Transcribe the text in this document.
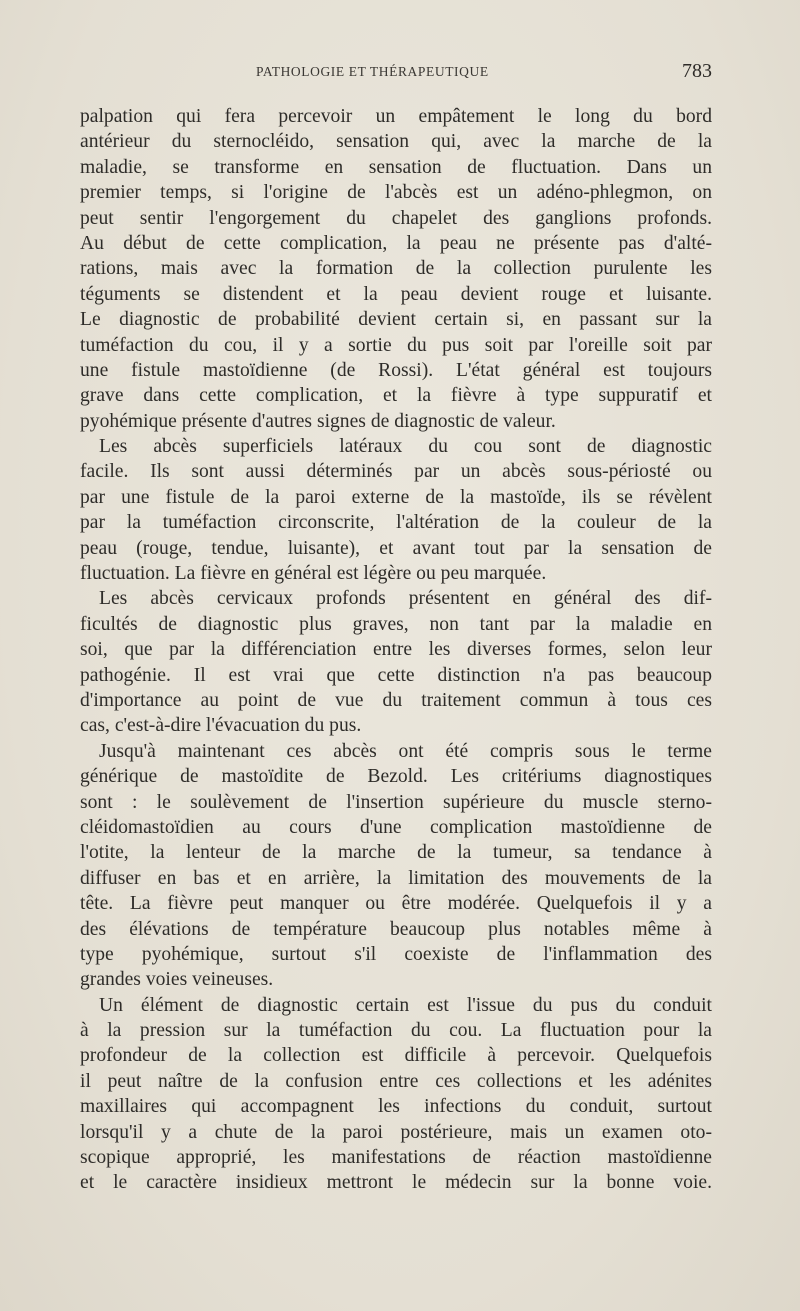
PATHOLOGIE ET THÉRAPEUTIQUE	783
palpation qui fera percevoir un empâtement le long du bord
antérieur du sternocléido, sensation qui, avec la marche de la
maladie, se transforme en sensation de fluctuation. Dans un
premier temps, si l'origine de l'abcès est un adéno-phlegmon, on
peut sentir l'engorgement du chapelet des ganglions profonds.
Au début de cette complication, la peau ne présente pas d'alté-
rations, mais avec la formation de la collection purulente les
téguments se distendent et la peau devient rouge et luisante.
Le diagnostic de probabilité devient certain si, en passant sur la
tuméfaction du cou, il y a sortie du pus soit par l'oreille soit par
une fistule mastoïdienne (de Rossi). L'état général est toujours
grave dans cette complication, et la fièvre à type suppuratif et
pyohémique présente d'autres signes de diagnostic de valeur.
Les abcès superficiels latéraux du cou sont de diagnostic
facile. Ils sont aussi déterminés par un abcès sous-périosté ou
par une fistule de la paroi externe de la mastoïde, ils se révèlent
par la tuméfaction circonscrite, l'altération de la couleur de la
peau (rouge, tendue, luisante), et avant tout par la sensation de
fluctuation. La fièvre en général est légère ou peu marquée.
Les abcès cervicaux profonds présentent en général des dif-
ficultés de diagnostic plus graves, non tant par la maladie en
soi, que par la différenciation entre les diverses formes, selon leur
pathogénie. Il est vrai que cette distinction n'a pas beaucoup
d'importance au point de vue du traitement commun à tous ces
cas, c'est-à-dire l'évacuation du pus.
Jusqu'à maintenant ces abcès ont été compris sous le terme
générique de mastoïdite de Bezold. Les critériums diagnostiques
sont : le soulèvement de l'insertion supérieure du muscle sterno-
cléidomastoïdien au cours d'une complication mastoïdienne de
l'otite, la lenteur de la marche de la tumeur, sa tendance à
diffuser en bas et en arrière, la limitation des mouvements de la
tête. La fièvre peut manquer ou être modérée. Quelquefois il y a
des élévations de température beaucoup plus notables même à
type pyohémique, surtout s'il coexiste de l'inflammation des
grandes voies veineuses.
Un élément de diagnostic certain est l'issue du pus du conduit
à la pression sur la tuméfaction du cou. La fluctuation pour la
profondeur de la collection est difficile à percevoir. Quelquefois
il peut naître de la confusion entre ces collections et les adénites
maxillaires qui accompagnent les infections du conduit, surtout
lorsqu'il y a chute de la paroi postérieure, mais un examen oto-
scopique approprié, les manifestations de réaction mastoïdienne
et le caractère insidieux mettront le médecin sur la bonne voie.
